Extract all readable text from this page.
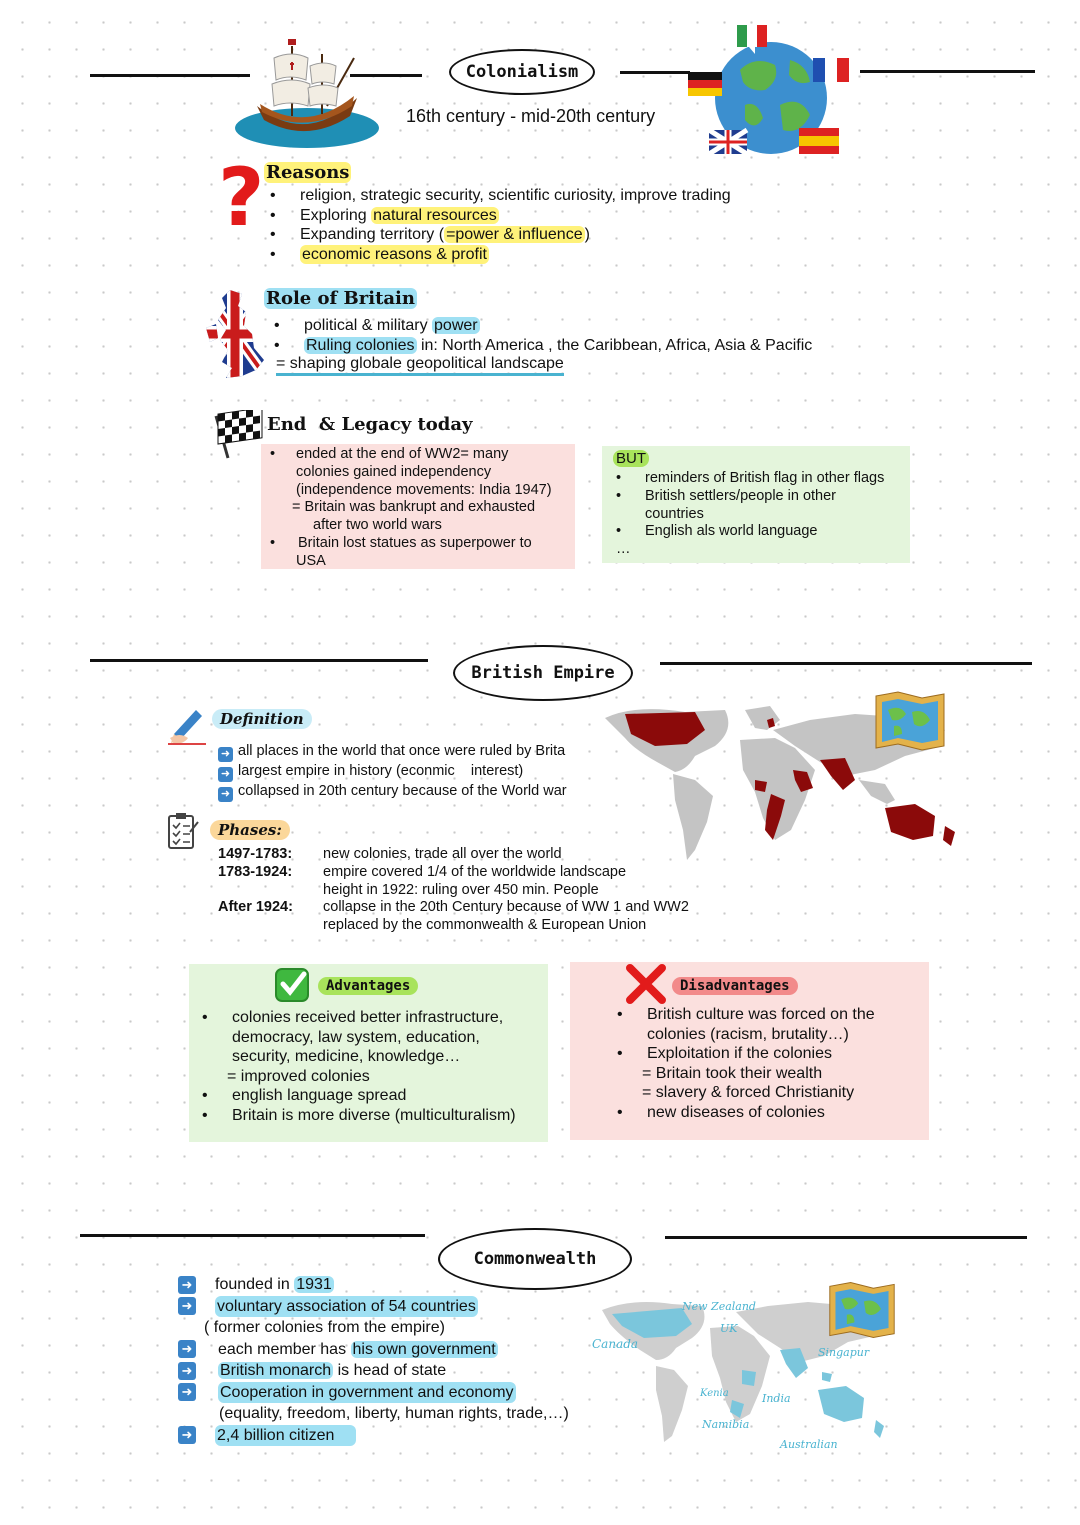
Colonialism
16th century - mid-20th century
? Reasons
•	religion, strategic security, scientific curiosity, improve trading
•	Exploring natural resources
•	Expanding territory ( =power & influence )
•	economic reasons & profit
Role of Britain
•	political & military power
•	Ruling colonies in: North America , the Caribbean, Africa, Asia & Pacific
= shaping globale geopolitical landscape
End  & Legacy today
•	ended at the end of WW2= many
colonies gained independency
(independence movements: India 1947)
= Britain was bankrupt and exhausted
after two world wars
•	Britain lost statues as superpower to
USA
BUT
•	reminders of British flag in other flags
•	British settlers/people in other
countries
•	English als world language
…
British Empire
Definition
➜ all places in the world that once were ruled by Brita
➜ largest empire in history (econmic    interest)
➜ collapsed in 20th century because of the World war
Phases:
1497-1783:	new colonies, trade all over the world
1783-1924:	empire covered 1/4 of the worldwide landscape
height in 1922: ruling over 450 min. People
After 1924:	collapse in the 20th Century because of WW 1 and WW2
replaced by the commonwealth & European Union
Advantages
•	colonies received better infrastructure,
democracy, law system, education,
security, medicine, knowledge…
= improved colonies
•	english language spread
•	Britain is more diverse (multiculturalism)
Disadvantages
•	British culture was forced on the
colonies (racism, brutality…)
•	Exploitation if the colonies
= Britain took their wealth
= slavery & forced Christianity
•	new diseases of colonies
Commonwealth
➜ founded in 1931
➜ voluntary association of 54 countries
( former colonies from the empire)
➜ each member has his own government
➜ British monarch is head of state
➜ Cooperation in government and economy
(equality, freedom, liberty, human rights, trade,…)
➜ 2,4 billion citizen
New Zealand
UK
Canada
Singapur
India
Kenia
Namibia
Australian
